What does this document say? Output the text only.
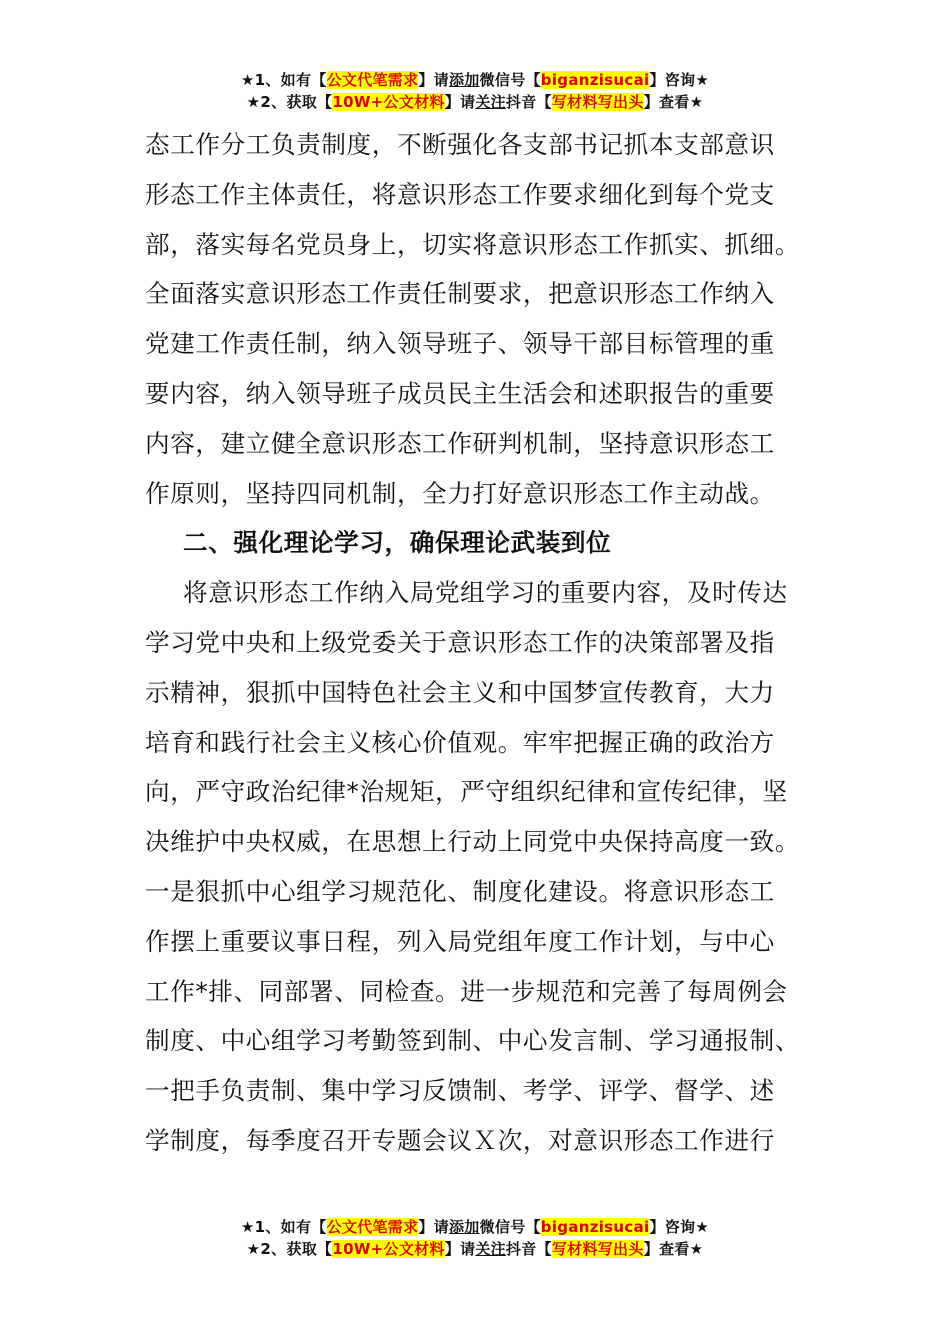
★1、如有【公文代笔需求】请添加微信号【biganzisucai】咨询★
★2、获取【10W+公文材料】请关注抖音【写材料写出头】查看★

态工作分工负责制度，不断强化各支部书记抓本支部意识

形态工作主体责任，将意识形态工作要求细化到每个党支

部，落实每名党员身上，切实将意识形态工作抓实、抓细。

全面落实意识形态工作责任制要求，把意识形态工作纳入

党建工作责任制，纳入领导班子、领导干部目标管理的重

要内容，纳入领导班子成员民主生活会和述职报告的重要

内容，建立健全意识形态工作研判机制，坚持意识形态工

作原则，坚持四同机制，全力打好意识形态工作主动战。

二、强化理论学习，确保理论武装到位

将意识形态工作纳入局党组学习的重要内容，及时传达

学习党中央和上级党委关于意识形态工作的决策部署及指

示精神，狠抓中国特色社会主义和中国梦宣传教育，大力

培育和践行社会主义核心价值观。牢牢把握正确的政治方

向，严守政治纪律*治规矩，严守组织纪律和宣传纪律，坚

决维护中央权威，在思想上行动上同党中央保持高度一致。

一是狠抓中心组学习规范化、制度化建设。将意识形态工

作摆上重要议事日程，列入局党组年度工作计划，与中心

工作*排、同部署、同检查。进一步规范和完善了每周例会

制度、中心组学习考勤签到制、中心发言制、学习通报制、

一把手负责制、集中学习反馈制、考学、评学、督学、述

学制度，每季度召开专题会议Ｘ次，对意识形态工作进行

★1、如有【公文代笔需求】请添加微信号【biganzisucai】咨询★
★2、获取【10W+公文材料】请关注抖音【写材料写出头】查看★
